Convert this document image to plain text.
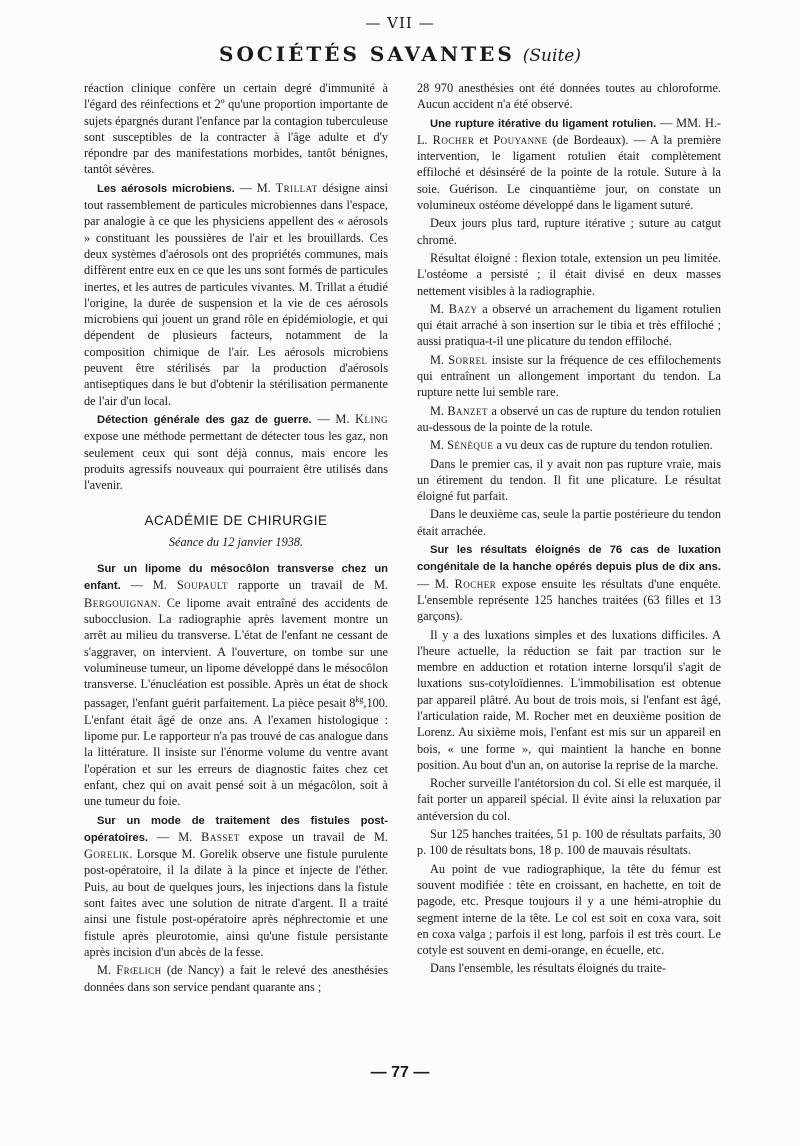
— VII —
SOCIÉTÉS SAVANTES (Suite)

réaction clinique confère un certain degré d'immunité à l'égard des réinfections et 2º qu'une proportion importante de sujets épargnés durant l'enfance par la contagion tuberculeuse sont susceptibles de la contracter à l'âge adulte et d'y répondre par des manifestations morbides, tantôt bénignes, tantôt sévères.

Les aérosols microbiens. — M. Trillat désigne ainsi tout rassemblement de particules microbiennes dans l'espace, par analogie à ce que les physiciens appellent des « aérosols » constituant les poussières de l'air et les brouillards. Ces deux systèmes d'aérosols ont des propriétés communes, mais diffèrent entre eux en ce que les uns sont formés de particules inertes, et les autres de particules vivantes. M. Trillat a étudié l'origine, la durée de suspension et la vie de ces aérosols microbiens qui jouent un grand rôle en épidémiologie, et qui dépendent de plusieurs facteurs, notamment de la composition chimique de l'air. Les aérosols microbiens peuvent être stérilisés par la production d'aérosols antiseptiques dans le but d'obtenir la stérilisation permanente de l'air d'un local.

Détection générale des gaz de guerre. — M. Kling expose une méthode permettant de détecter tous les gaz, non seulement ceux qui sont déjà connus, mais encore les produits agressifs nouveaux qui pourraient être utilisés dans l'avenir.

ACADÉMIE DE CHIRURGIE
Séance du 12 janvier 1938.

Sur un lipome du mésocôlon transverse chez un enfant. — M. Soupault rapporte un travail de M. Bergouignan. Ce lipome avait entraîné des accidents de subocclusion. La radiographie après lavement montre un arrêt au milieu du transverse. L'état de l'enfant ne cessant de s'aggraver, on intervient. A l'ouverture, on tombe sur une volumineuse tumeur, un lipome développé dans le mésocôlon transverse. L'énucléation est possible. Après un état de shock passager, l'enfant guérit parfaitement. La pièce pesait $8^{kg},100$. L'enfant était âgé de onze ans. A l'examen histologique : lipome pur. Le rapporteur n'a pas trouvé de cas analogue dans la littérature. Il insiste sur l'énorme volume du ventre avant l'opération et sur les erreurs de diagnostic faites chez cet enfant, chez qui on avait pensé soit à un mégacôlon, soit à une tumeur du foie.

Sur un mode de traitement des fistules post-opératoires. — M. Basset expose un travail de M. Gorelik. Lorsque M. Gorelik observe une fistule purulente post-opératoire, il la dilate à la pince et injecte de l'éther. Puis, au bout de quelques jours, les injections dans la fistule sont faites avec une solution de nitrate d'argent. Il a traité ainsi une fistule post-opératoire après néphrectomie et une fistule après pleurotomie, ainsi qu'une fistule persistante après incision d'un abcès de la fesse.

M. Frœlich (de Nancy) a fait le relevé des anesthésies données dans son service pendant quarante ans ;

28 970 anesthésies ont été données toutes au chloroforme. Aucun accident n'a été observé.

Une rupture itérative du ligament rotulien. — MM. H.-L. Rocher et Pouyanne (de Bordeaux). — A la première intervention, le ligament rotulien était complètement effiloché et désinséré de la pointe de la rotule. Suture à la soie. Guérison. Le cinquantième jour, on constate un volumineux ostéome développé dans le ligament suturé.

Deux jours plus tard, rupture itérative ; suture au catgut chromé.

Résultat éloigné : flexion totale, extension un peu limitée. L'ostéome a persisté ; il était divisé en deux masses nettement visibles à la radiographie.

M. Bazy a observé un arrachement du ligament rotulien qui était arraché à son insertion sur le tibia et très effiloché ; aussi pratiqua-t-il une plicature du tendon effiloché.

M. Sorrel insiste sur la fréquence de ces effilochements qui entraînent un allongement important du tendon. La rupture nette lui semble rare.

M. Banzet a observé un cas de rupture du tendon rotulien au-dessous de la pointe de la rotule.

M. Sénèque a vu deux cas de rupture du tendon rotulien.

Dans le premier cas, il y avait non pas rupture vraie, mais un étirement du tendon. Il fit une plicature. Le résultat éloigné fut parfait.

Dans le deuxième cas, seule la partie postérieure du tendon était arrachée.

Sur les résultats éloignés de 76 cas de luxation congénitale de la hanche opérés depuis plus de dix ans. — M. Rocher expose ensuite les résultats d'une enquête. L'ensemble représente 125 hanches traitées (63 filles et 13 garçons).

Il y a des luxations simples et des luxations difficiles. A l'heure actuelle, la réduction se fait par traction sur le membre en adduction et rotation interne lorsqu'il s'agit de luxations sus-cotyloïdiennes. L'immobilisation est obtenue par appareil plâtré. Au bout de trois mois, si l'enfant est âgé, l'articulation raide, M. Rocher met en deuxième position de Lorenz. Au sixième mois, l'enfant est mis sur un appareil en bois, « une forme », qui maintient la hanche en bonne position. Au bout d'un an, on autorise la reprise de la marche.

Rocher surveille l'antétorsion du col. Si elle est marquée, il fait porter un appareil spécial. Il évite ainsi la reluxation par antéversion du col.

Sur 125 hanches traitées, 51 p. 100 de résultats parfaits, 30 p. 100 de résultats bons, 18 p. 100 de mauvais résultats.

Au point de vue radiographique, la tête du fémur est souvent modifiée : tête en croissant, en hachette, en toit de pagode, etc. Presque toujours il y a une hémi-atrophie du segment interne de la tête. Le col est soit en coxa vara, soit en coxa valga ; parfois il est long, parfois il est très court. Le cotyle est souvent en demi-orange, en écuelle, etc.

Dans l'ensemble, les résultats éloignés du traite-

— 77 —
